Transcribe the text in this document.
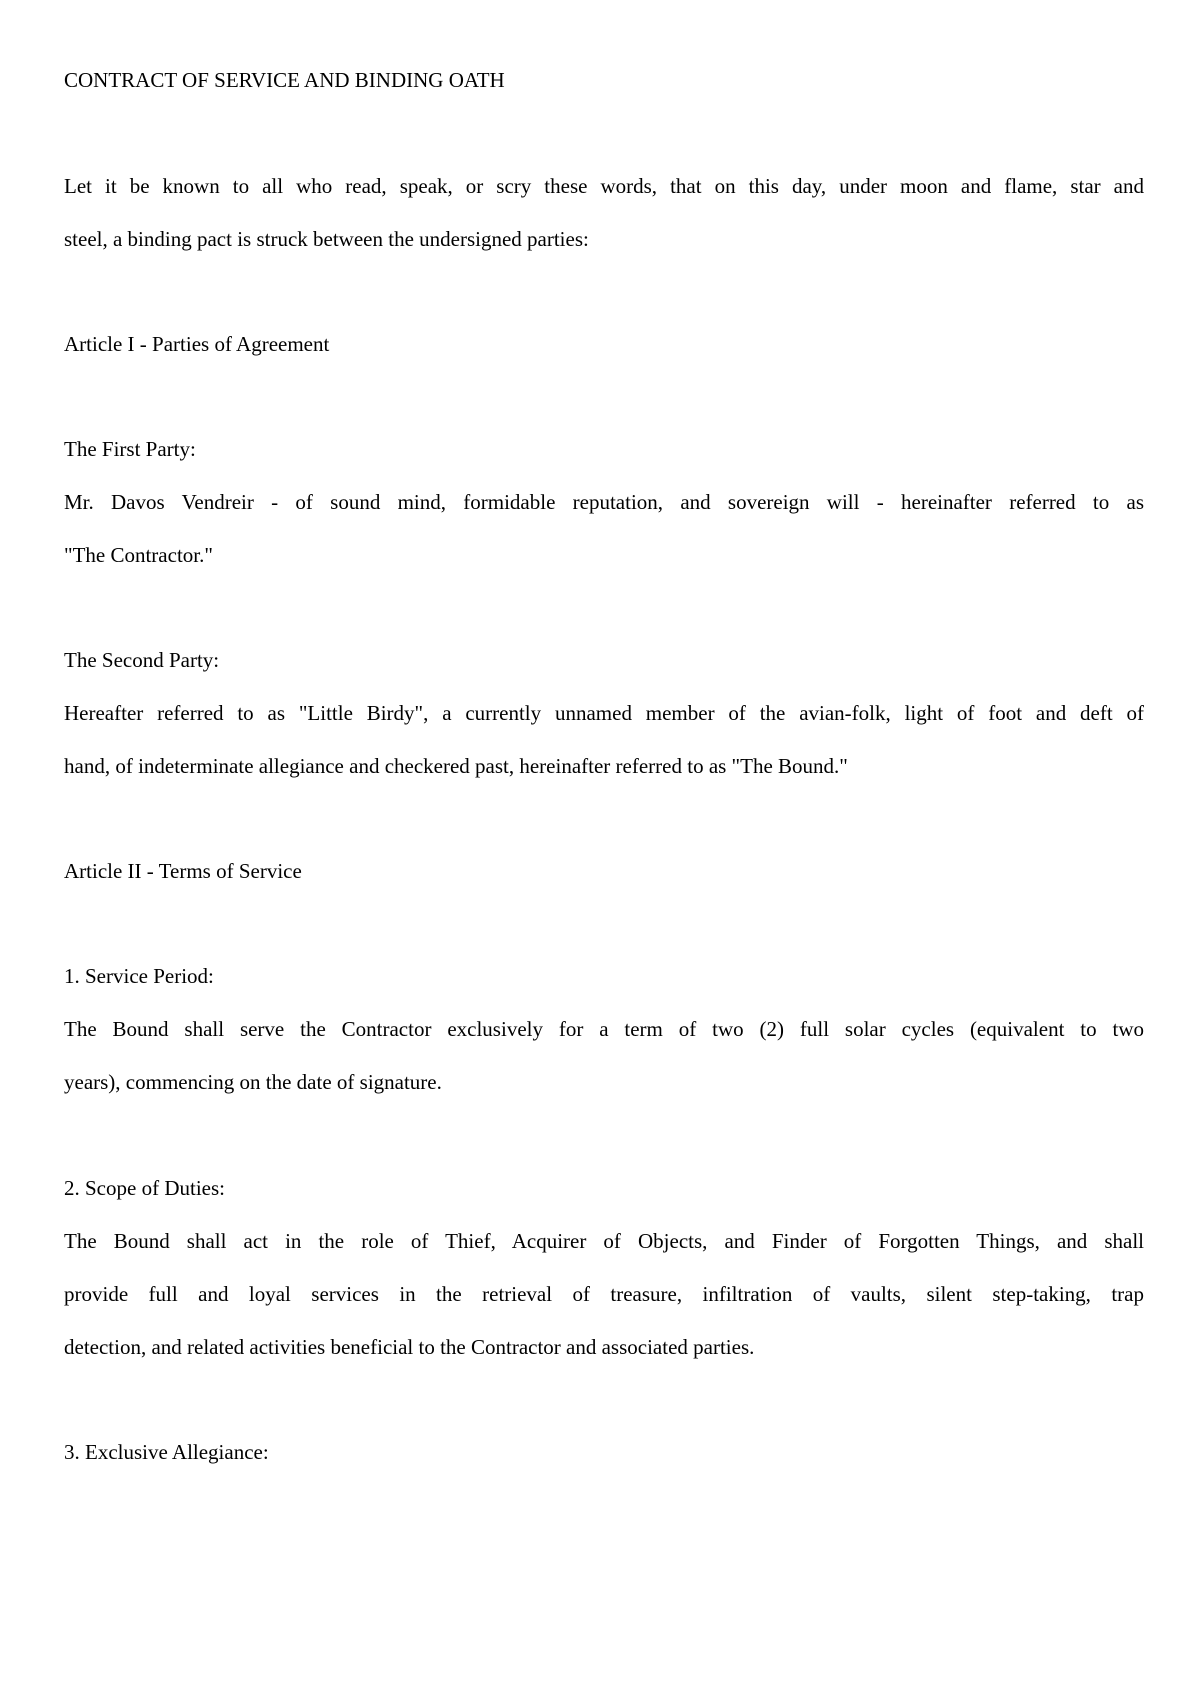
CONTRACT OF SERVICE AND BINDING OATH
Let it be known to all who read, speak, or scry these words, that on this day, under moon and flame, star and
steel, a binding pact is struck between the undersigned parties:
Article I - Parties of Agreement
The First Party:
Mr. Davos Vendreir - of sound mind, formidable reputation, and sovereign will - hereinafter referred to as
"The Contractor."
The Second Party:
Hereafter referred to as "Little Birdy", a currently unnamed member of the avian-folk, light of foot and deft of
hand, of indeterminate allegiance and checkered past, hereinafter referred to as "The Bound."
Article II - Terms of Service
1. Service Period:
The Bound shall serve the Contractor exclusively for a term of two (2) full solar cycles (equivalent to two
years), commencing on the date of signature.
2. Scope of Duties:
The Bound shall act in the role of Thief, Acquirer of Objects, and Finder of Forgotten Things, and shall
provide full and loyal services in the retrieval of treasure, infiltration of vaults, silent step-taking, trap
detection, and related activities beneficial to the Contractor and associated parties.
3. Exclusive Allegiance:
